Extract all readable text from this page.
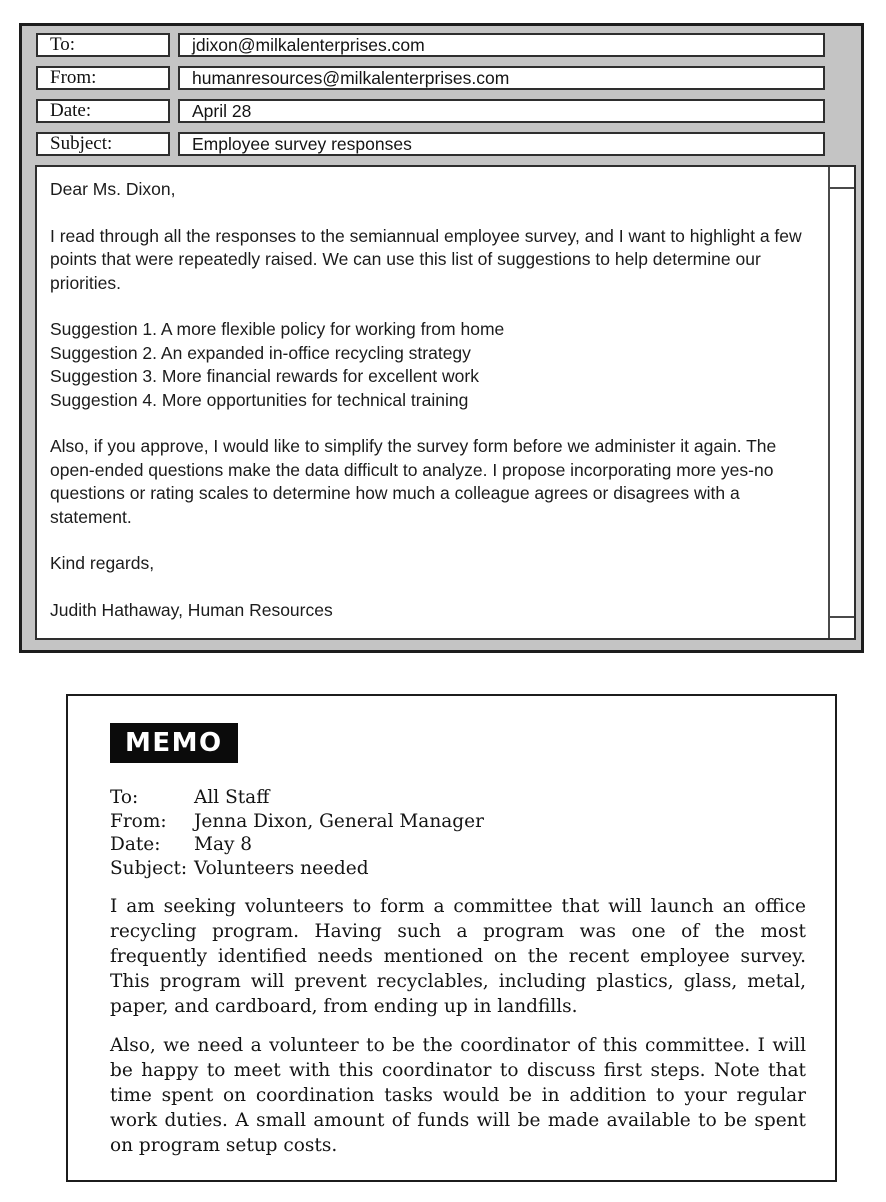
To:	jdixon@milkalenterprises.com
From:	humanresources@milkalenterprises.com
Date:	April 28
Subject:	Employee survey responses

Dear Ms. Dixon,

I read through all the responses to the semiannual employee survey, and I want to highlight a few points that were repeatedly raised. We can use this list of suggestions to help determine our priorities.

Suggestion 1. A more flexible policy for working from home
Suggestion 2. An expanded in-office recycling strategy
Suggestion 3. More financial rewards for excellent work
Suggestion 4. More opportunities for technical training

Also, if you approve, I would like to simplify the survey form before we administer it again. The open-ended questions make the data difficult to analyze. I propose incorporating more yes-no questions or rating scales to determine how much a colleague agrees or disagrees with a statement.

Kind regards,

Judith Hathaway, Human Resources

MEMO
To:	All Staff
From:	Jenna Dixon, General Manager
Date:	May 8
Subject: Volunteers needed

I am seeking volunteers to form a committee that will launch an office recycling program. Having such a program was one of the most frequently identified needs mentioned on the recent employee survey. This program will prevent recyclables, including plastics, glass, metal, paper, and cardboard, from ending up in landfills.

Also, we need a volunteer to be the coordinator of this committee. I will be happy to meet with this coordinator to discuss first steps. Note that time spent on coordination tasks would be in addition to your regular work duties. A small amount of funds will be made available to be spent on program setup costs.
